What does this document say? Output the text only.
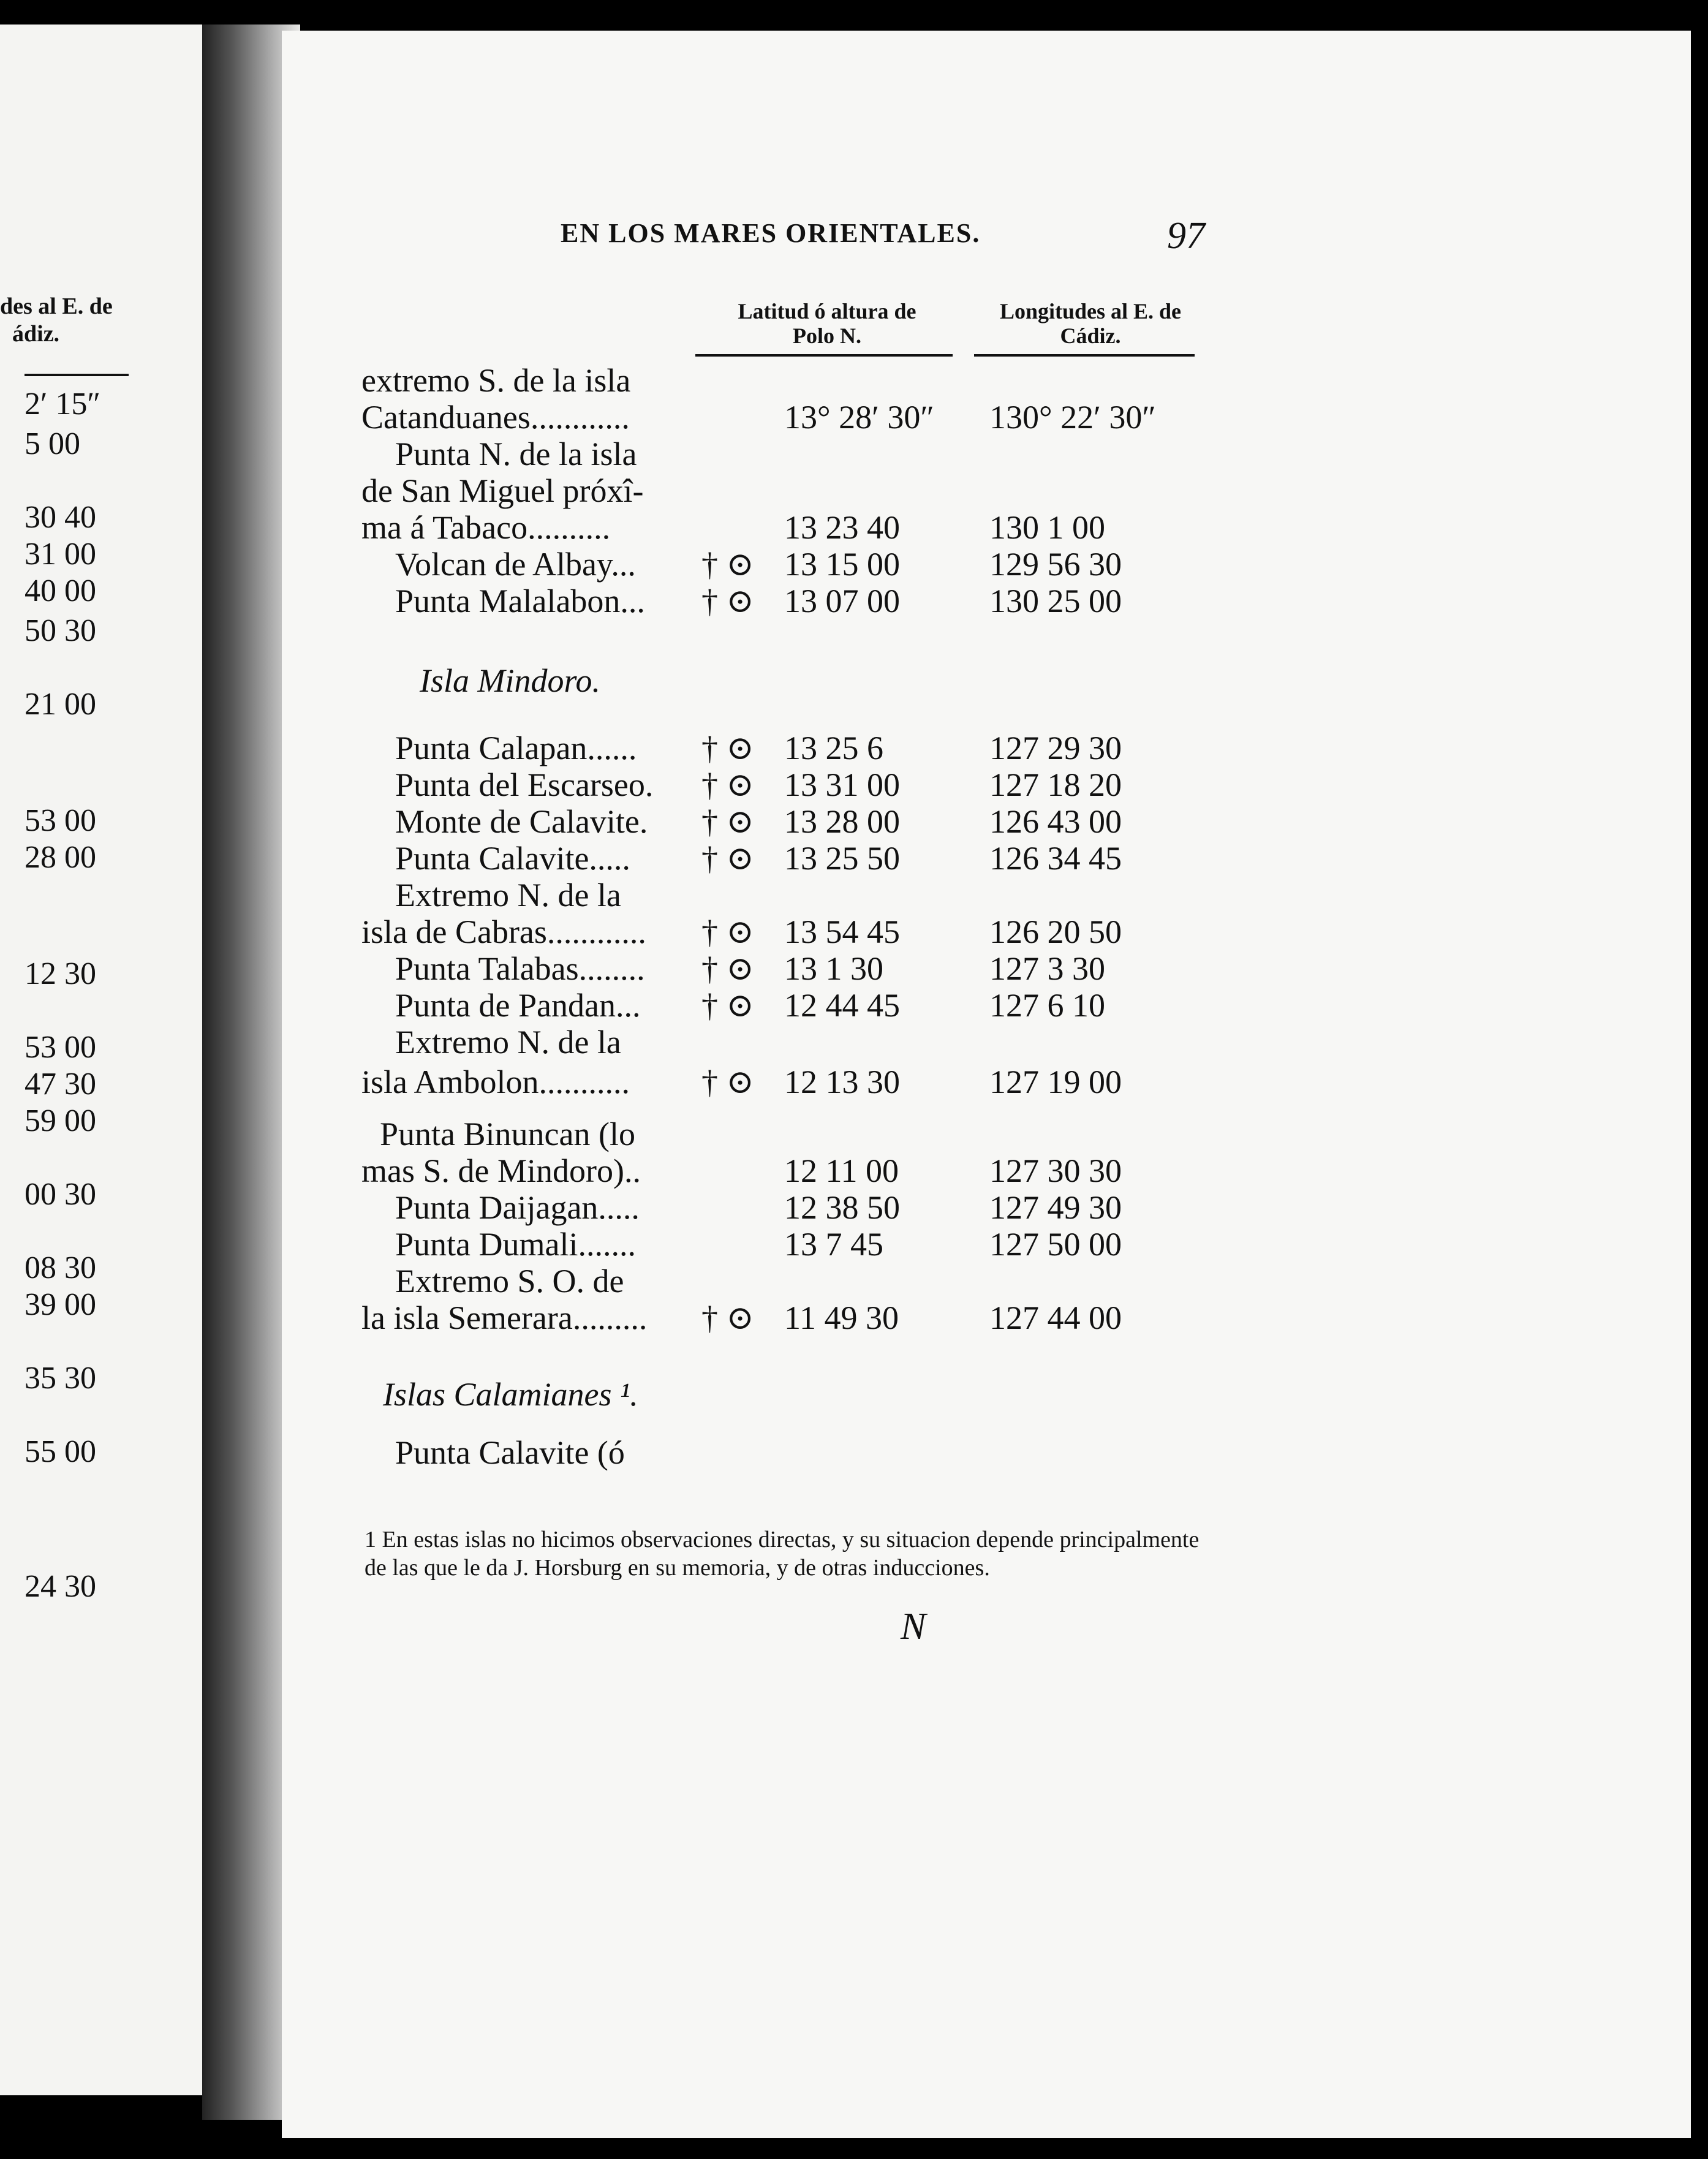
des al E. de
ádiz.
2′ 15″
5 00
30 40
31 00
40 00
50 30
21 00
53 00
28 00
12 30
53 00
47 30
59 00
00 30
08 30
39 00
35 30
55 00
24 30
EN LOS MARES ORIENTALES.	97
Latitud ó altura de
Polo N.
Longitudes al E. de
Cádiz.
extremo S. de la isla
Catanduanes............	13° 28′ 30″	130° 22′ 30″
Punta N. de la isla
de San Miguel próxî-
ma á Tabaco..........	13 23 40	130 1 00
Volcan de Albay... † ⊙ 13 15 00	129 56 30
Punta Malalabon... † ⊙ 13 07 00	130 25 00
Punta Calapan...... † ⊙ 13 25 6	127 29 30
Punta del Escarseo. † ⊙ 13 31 00	127 18 20
Monte de Calavite. † ⊙ 13 28 00	126 43 00
Punta Calavite..... † ⊙ 13 25 50	126 34 45
Extremo N. de la
isla de Cabras............ † ⊙ 13 54 45	126 20 50
Punta Talabas........ † ⊙ 13 1 30	127 3 30
Punta de Pandan... † ⊙ 12 44 45	127 6 10
Extremo N. de la
isla Ambolon........... † ⊙ 12 13 30	127 19 00
Punta Binuncan (lo
mas S. de Mindoro)..	12 11 00	127 30 30
Punta Daijagan.....	12 38 50	127 49 30
Punta Dumali.......	13 7 45	127 50 00
Extremo S. O. de
la isla Semerara......... † ⊙ 11 49 30	127 44 00
Punta Calavite (ó
Isla Mindoro.
Islas Calamianes ¹.
1 En estas islas no hicimos observaciones directas, y su situacion depende principalmente de las que le da J. Horsburg en su memoria, y de otras inducciones.
N
